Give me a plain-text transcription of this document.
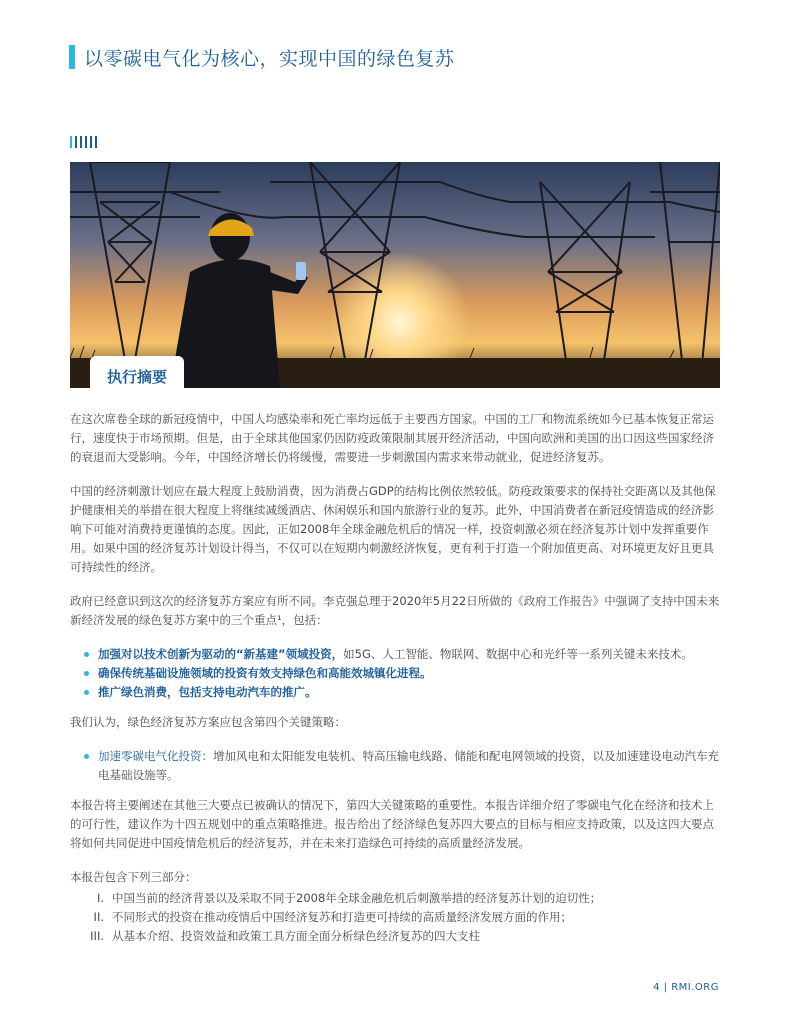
以零碳电气化为核心，实现中国的绿色复苏
执行摘要

在这次席卷全球的新冠疫情中，中国人均感染率和死亡率均远低于主要西方国家。中国的工厂和物流系统如今已基本恢复正常运行，速度快于市场预期。但是，由于全球其他国家仍因防疫政策限制其展开经济活动，中国向欧洲和美国的出口因这些国家经济的衰退而大受影响。今年，中国经济增长仍将缓慢，需要进一步刺激国内需求来带动就业，促进经济复苏。

中国的经济刺激计划应在最大程度上鼓励消费，因为消费占GDP的结构比例依然较低。防疫政策要求的保持社交距离以及其他保护健康相关的举措在很大程度上将继续减缓酒店、休闲娱乐和国内旅游行业的复苏。此外，中国消费者在新冠疫情造成的经济影响下可能对消费持更谨慎的态度。因此，正如2008年全球金融危机后的情况一样，投资刺激必须在经济复苏计划中发挥重要作用。如果中国的经济复苏计划设计得当，不仅可以在短期内刺激经济恢复，更有利于打造一个附加值更高、对环境更友好且更具可持续性的经济。

政府已经意识到这次的经济复苏方案应有所不同。李克强总理于2020年5月22日所做的《政府工作报告》中强调了支持中国未来新经济发展的绿色复苏方案中的三个重点¹，包括：

加强对以技术创新为驱动的“新基建”领域投资，如5G、人工智能、物联网、数据中心和光纤等一系列关键未来技术。
确保传统基础设施领域的投资有效支持绿色和高能效城镇化进程。
推广绿色消费，包括支持电动汽车的推广。

我们认为，绿色经济复苏方案应包含第四个关键策略：

加速零碳电气化投资：增加风电和太阳能发电装机、特高压输电线路、储能和配电网领域的投资，以及加速建设电动汽车充电基础设施等。

本报告将主要阐述在其他三大要点已被确认的情况下，第四大关键策略的重要性。本报告详细介绍了零碳电气化在经济和技术上的可行性，建议作为十四五规划中的重点策略推进。报告给出了经济绿色复苏四大要点的目标与相应支持政策，以及这四大要点将如何共同促进中国疫情危机后的经济复苏，并在未来打造绿色可持续的高质量经济发展。

本报告包含下列三部分：

I. 中国当前的经济背景以及采取不同于2008年全球金融危机后刺激举措的经济复苏计划的迫切性；
II. 不同形式的投资在推动疫情后中国经济复苏和打造更可持续的高质量经济发展方面的作用；
III. 从基本介绍、投资效益和政策工具方面全面分析绿色经济复苏的四大支柱
4 | RMI.ORG
